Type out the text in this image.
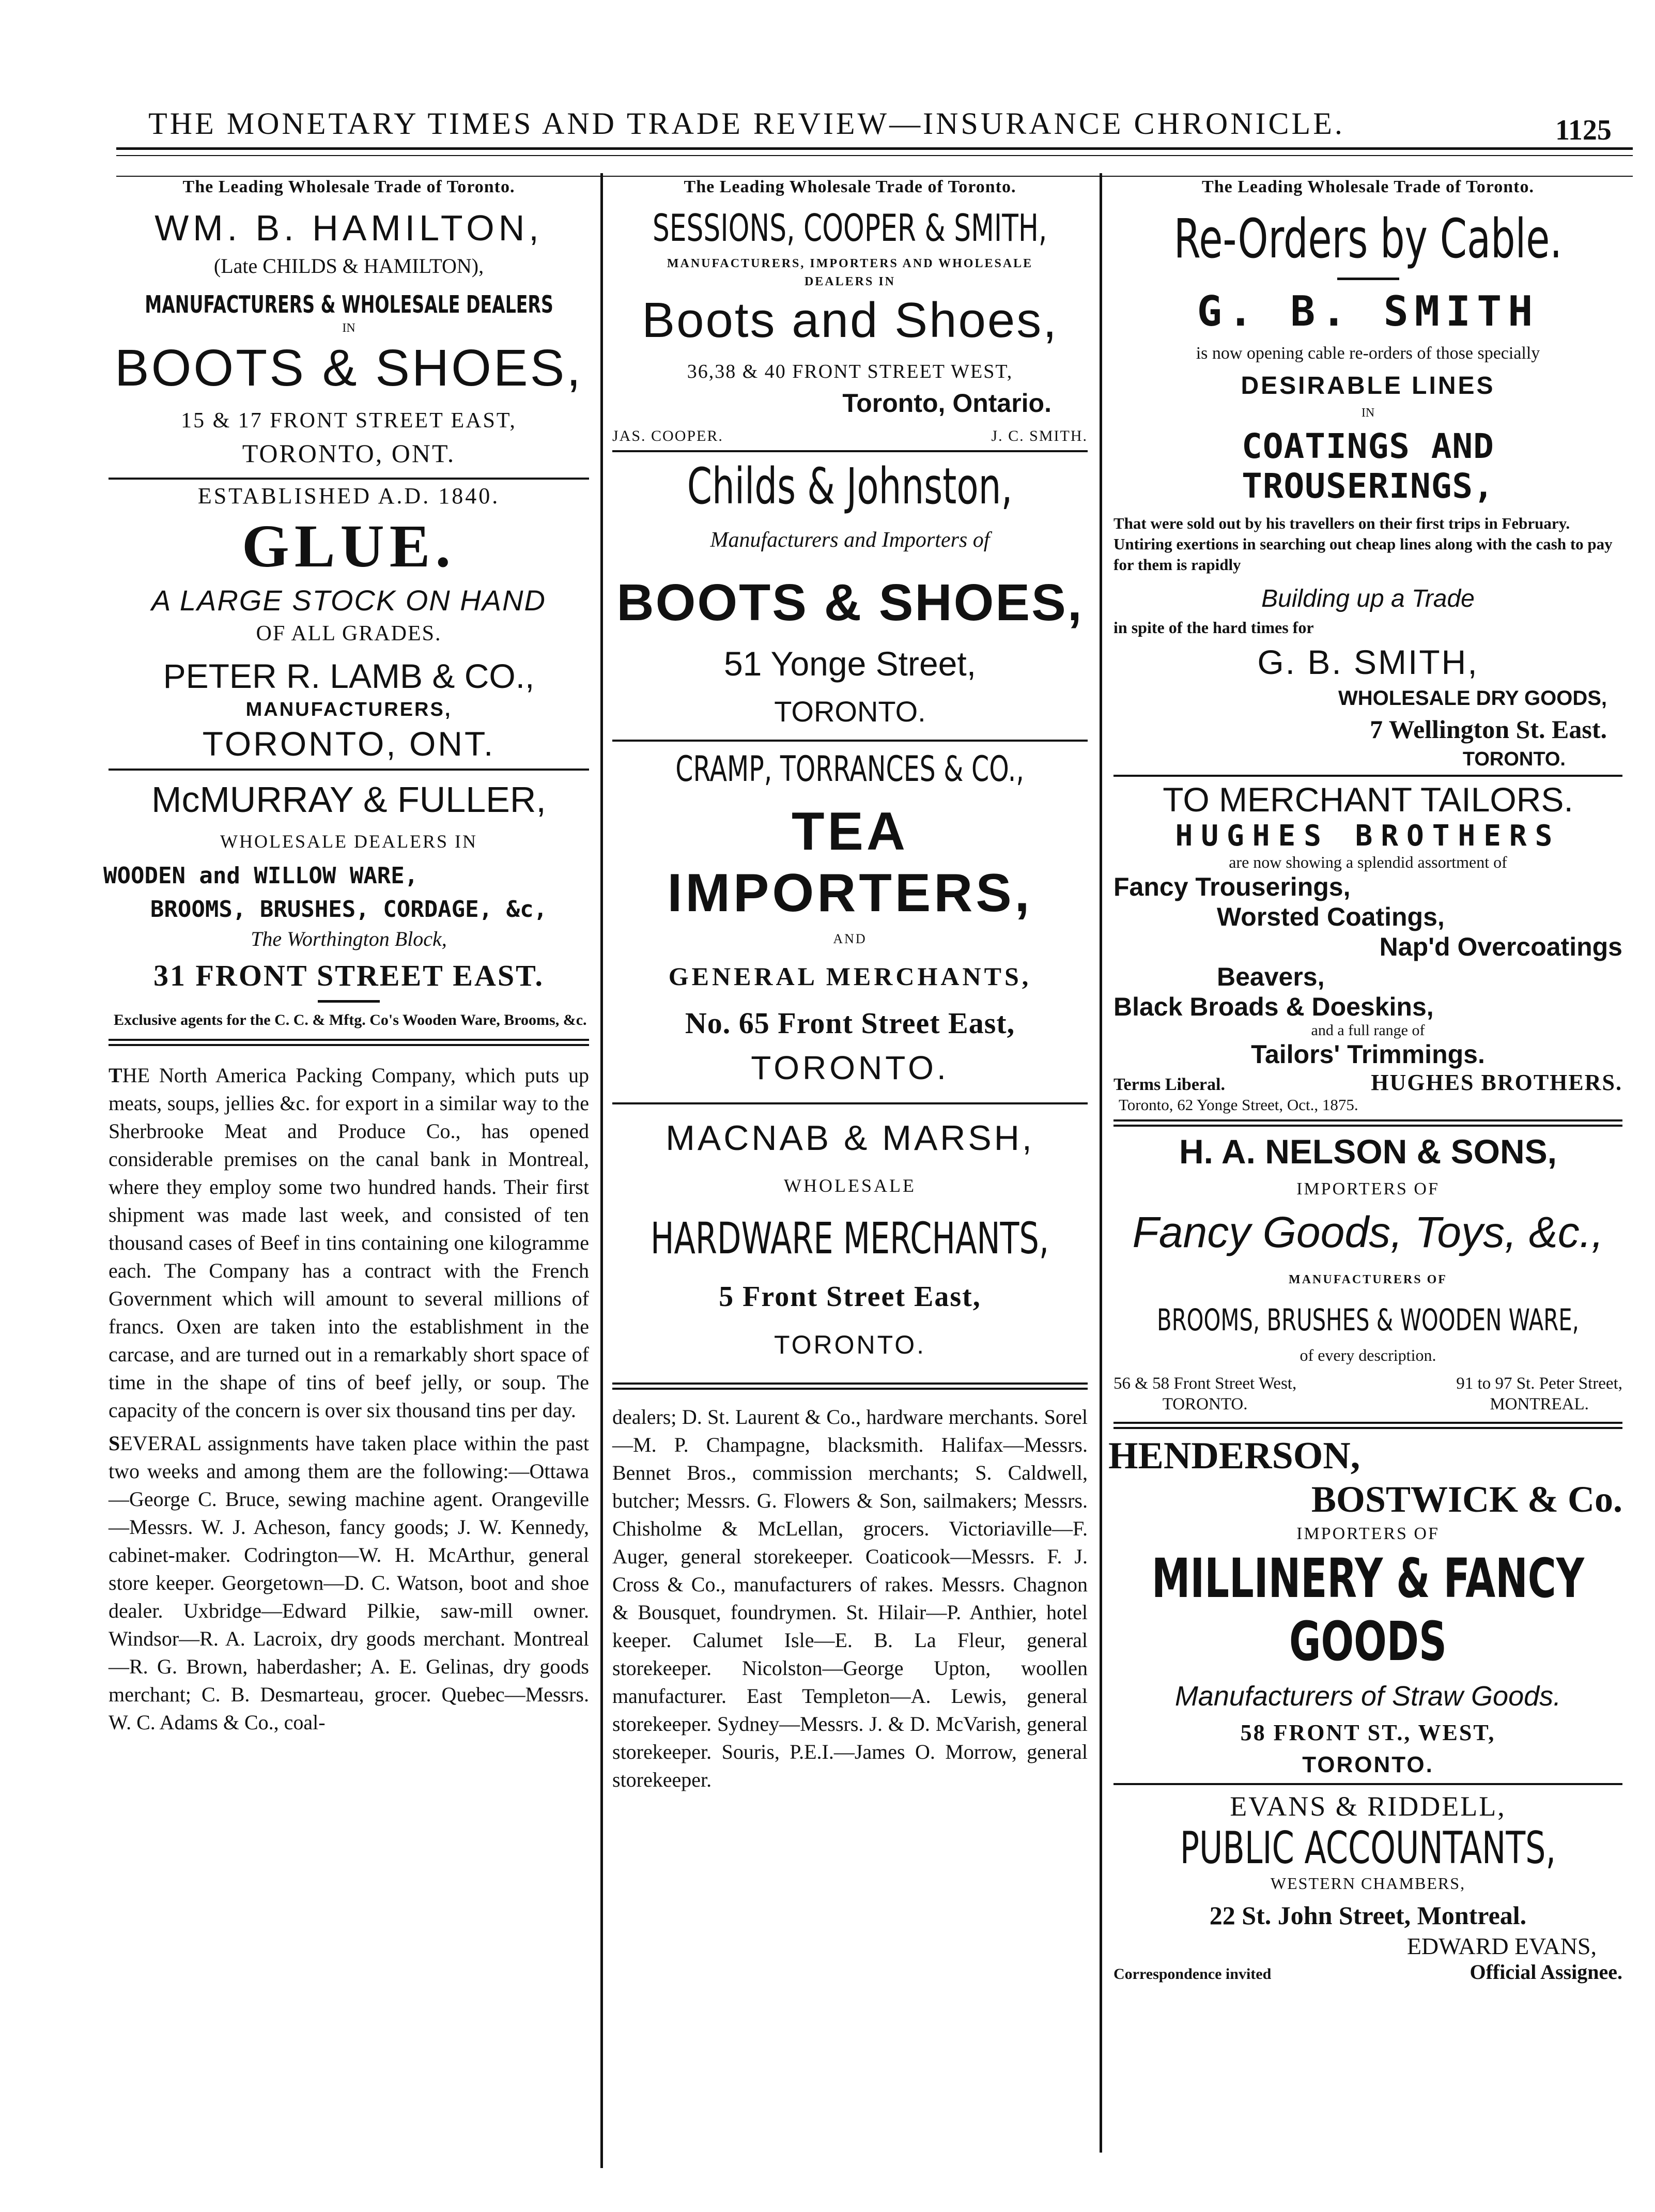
THE MONETARY TIMES AND TRADE REVIEW—INSURANCE CHRONICLE.	1125
The Leading Wholesale Trade of Toronto.
WM. B. HAMILTON,
(Late CHILDS & HAMILTON),
MANUFACTURERS & WHOLESALE DEALERS
IN
BOOTS & SHOES,
15 & 17 FRONT STREET EAST,
TORONTO, ONT.
ESTABLISHED A.D. 1840.
GLUE.
A LARGE STOCK ON HAND
OF ALL GRADES.
PETER R. LAMB & CO.,
MANUFACTURERS,
TORONTO, ONT.
McMURRAY & FULLER,
WHOLESALE DEALERS IN
WOODEN and WILLOW WARE,
BROOMS, BRUSHES, CORDAGE, &c,
The Worthington Block,
31 FRONT STREET EAST.
Exclusive agents for the C. C. & Mftg. Co's Wooden Ware, Brooms, &c.
THE North America Packing Company, which puts up meats, soups, jellies &c. for export in a similar way to the Sherbrooke Meat and Produce Co., has opened considerable premises on the canal bank in Montreal, where they employ some two hundred hands. Their first shipment was made last week, and consisted of ten thousand cases of Beef in tins containing one kilogramme each. The Company has a contract with the French Government which will amount to several millions of francs. Oxen are taken into the establishment in the carcase, and are turned out in a remarkably short space of time in the shape of tins of beef jelly, or soup. The capacity of the concern is over six thousand tins per day.
SEVERAL assignments have taken place within the past two weeks and among them are the following:—Ottawa—George C. Bruce, sewing machine agent. Orangeville—Messrs. W. J. Acheson, fancy goods; J. W. Kennedy, cabinet-maker. Codrington—W. H. McArthur, general store keeper. Georgetown—D. C. Watson, boot and shoe dealer. Uxbridge—Edward Pilkie, saw-mill owner. Windsor—R. A. Lacroix, dry goods merchant. Montreal—R. G. Brown, haberdasher; A. E. Gelinas, dry goods merchant; C. B. Desmarteau, grocer. Quebec—Messrs. W. C. Adams & Co., coal-
The Leading Wholesale Trade of Toronto.
SESSIONS, COOPER & SMITH,
MANUFACTURERS, IMPORTERS AND WHOLESALE
DEALERS IN
Boots and Shoes,
36,38 & 40 FRONT STREET WEST,
Toronto, Ontario.
JAS. COOPER.	J. C. SMITH.
Childs & Johnston,
Manufacturers and Importers of
BOOTS & SHOES,
51 Yonge Street,
TORONTO.
CRAMP, TORRANCES & CO.,
TEA IMPORTERS,
AND
GENERAL MERCHANTS,
No. 65 Front Street East,
TORONTO.
MACNAB & MARSH,
WHOLESALE
HARDWARE MERCHANTS,
5 Front Street East,
TORONTO.
dealers; D. St. Laurent & Co., hardware merchants. Sorel—M. P. Champagne, blacksmith. Halifax—Messrs. Bennet Bros., commission merchants; S. Caldwell, butcher; Messrs. G. Flowers & Son, sailmakers; Messrs. Chisholme & McLellan, grocers. Victoriaville—F. Auger, general storekeeper. Coaticook—Messrs. F. J. Cross & Co., manufacturers of rakes. Messrs. Chagnon & Bousquet, foundrymen. St. Hilair—P. Anthier, hotel keeper. Calumet Isle—E. B. La Fleur, general storekeeper. Nicolston—George Upton, woollen manufacturer. East Templeton—A. Lewis, general storekeeper. Sydney—Messrs. J. & D. McVarish, general storekeeper. Souris, P.E.I.—James O. Morrow, general storekeeper.
The Leading Wholesale Trade of Toronto.
Re-Orders by Cable.
G. B. SMITH
is now opening cable re-orders of those specially
DESIRABLE LINES
IN
COATINGS AND TROUSERINGS,
That were sold out by his travellers on their first trips in February. Untiring exertions in searching out cheap lines along with the cash to pay for them is rapidly
Building up a Trade
in spite of the hard times for
G. B. SMITH,
WHOLESALE DRY GOODS,
7 Wellington St. East.
TORONTO.
TO MERCHANT TAILORS.
HUGHES BROTHERS
are now showing a splendid assortment of
Fancy Trouserings,
Worsted Coatings,
Nap'd Overcoatings
Beavers,
Black Broads & Doeskins,
and a full range of
Tailors' Trimmings.
Terms Liberal.	HUGHES BROTHERS.
Toronto, 62 Yonge Street, Oct., 1875.
H. A. NELSON & SONS,
IMPORTERS OF
Fancy Goods, Toys, &c.,
MANUFACTURERS OF
BROOMS, BRUSHES & WOODEN WARE,
of every description.
56 & 58 Front Street West,
TORONTO.
91 to 97 St. Peter Street,
MONTREAL.
HENDERSON,
BOSTWICK & Co.
IMPORTERS OF
MILLINERY & FANCY GOODS
Manufacturers of Straw Goods.
58 FRONT ST., WEST,
TORONTO.
EVANS & RIDDELL,
PUBLIC ACCOUNTANTS,
WESTERN CHAMBERS,
22 St. John Street, Montreal.
EDWARD EVANS,
Correspondence invited	Official Assignee.
